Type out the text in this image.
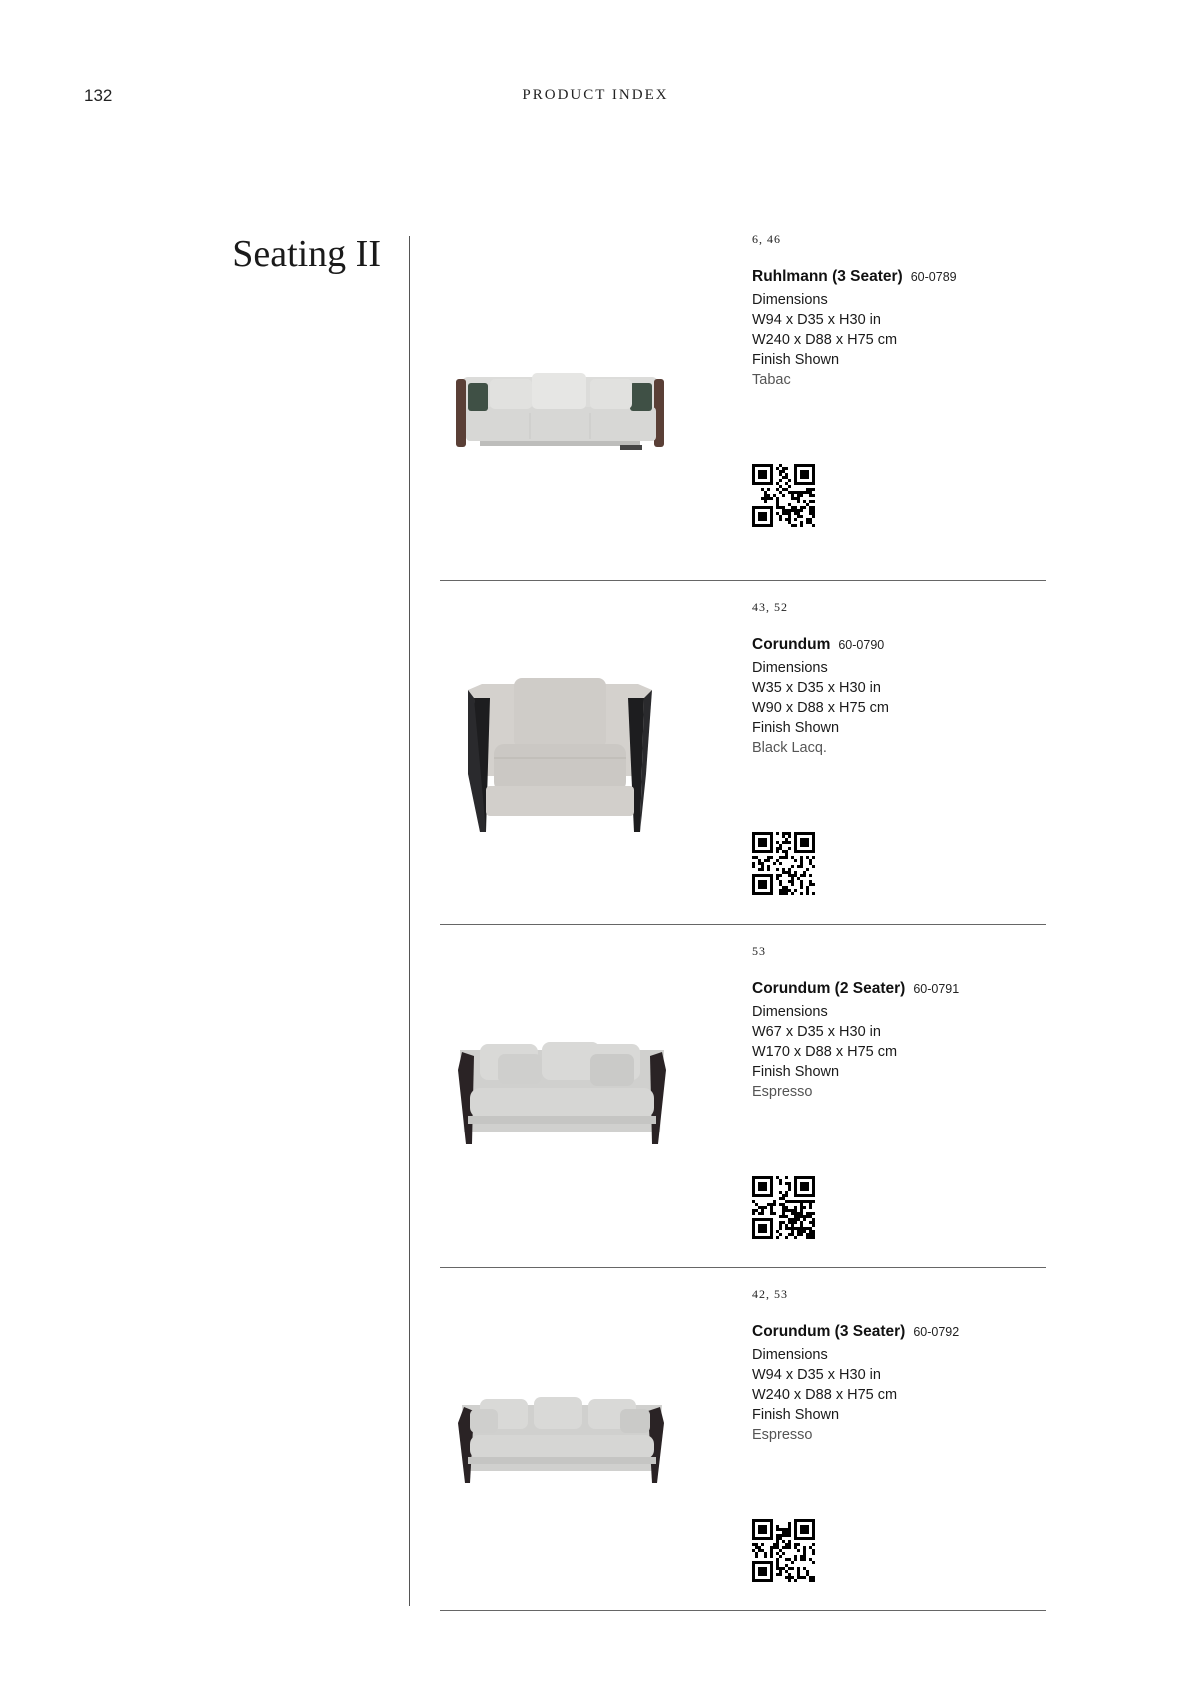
132	PRODUCT INDEX
Seating II	6, 46
Ruhlmann (3 Seater) 60-0789
Dimensions
W94 x D35 x H30 in
W240 x D88 x H75 cm
Finish Shown
Tabac
43, 52
Corundum 60-0790
Dimensions
W35 x D35 x H30 in
W90 x D88 x H75 cm
Finish Shown
Black Lacq.
53
Corundum (2 Seater) 60-0791
Dimensions
W67 x D35 x H30 in
W170 x D88 x H75 cm
Finish Shown
Espresso
42, 53
Corundum (3 Seater) 60-0792
Dimensions
W94 x D35 x H30 in
W240 x D88 x H75 cm
Finish Shown
Espresso
